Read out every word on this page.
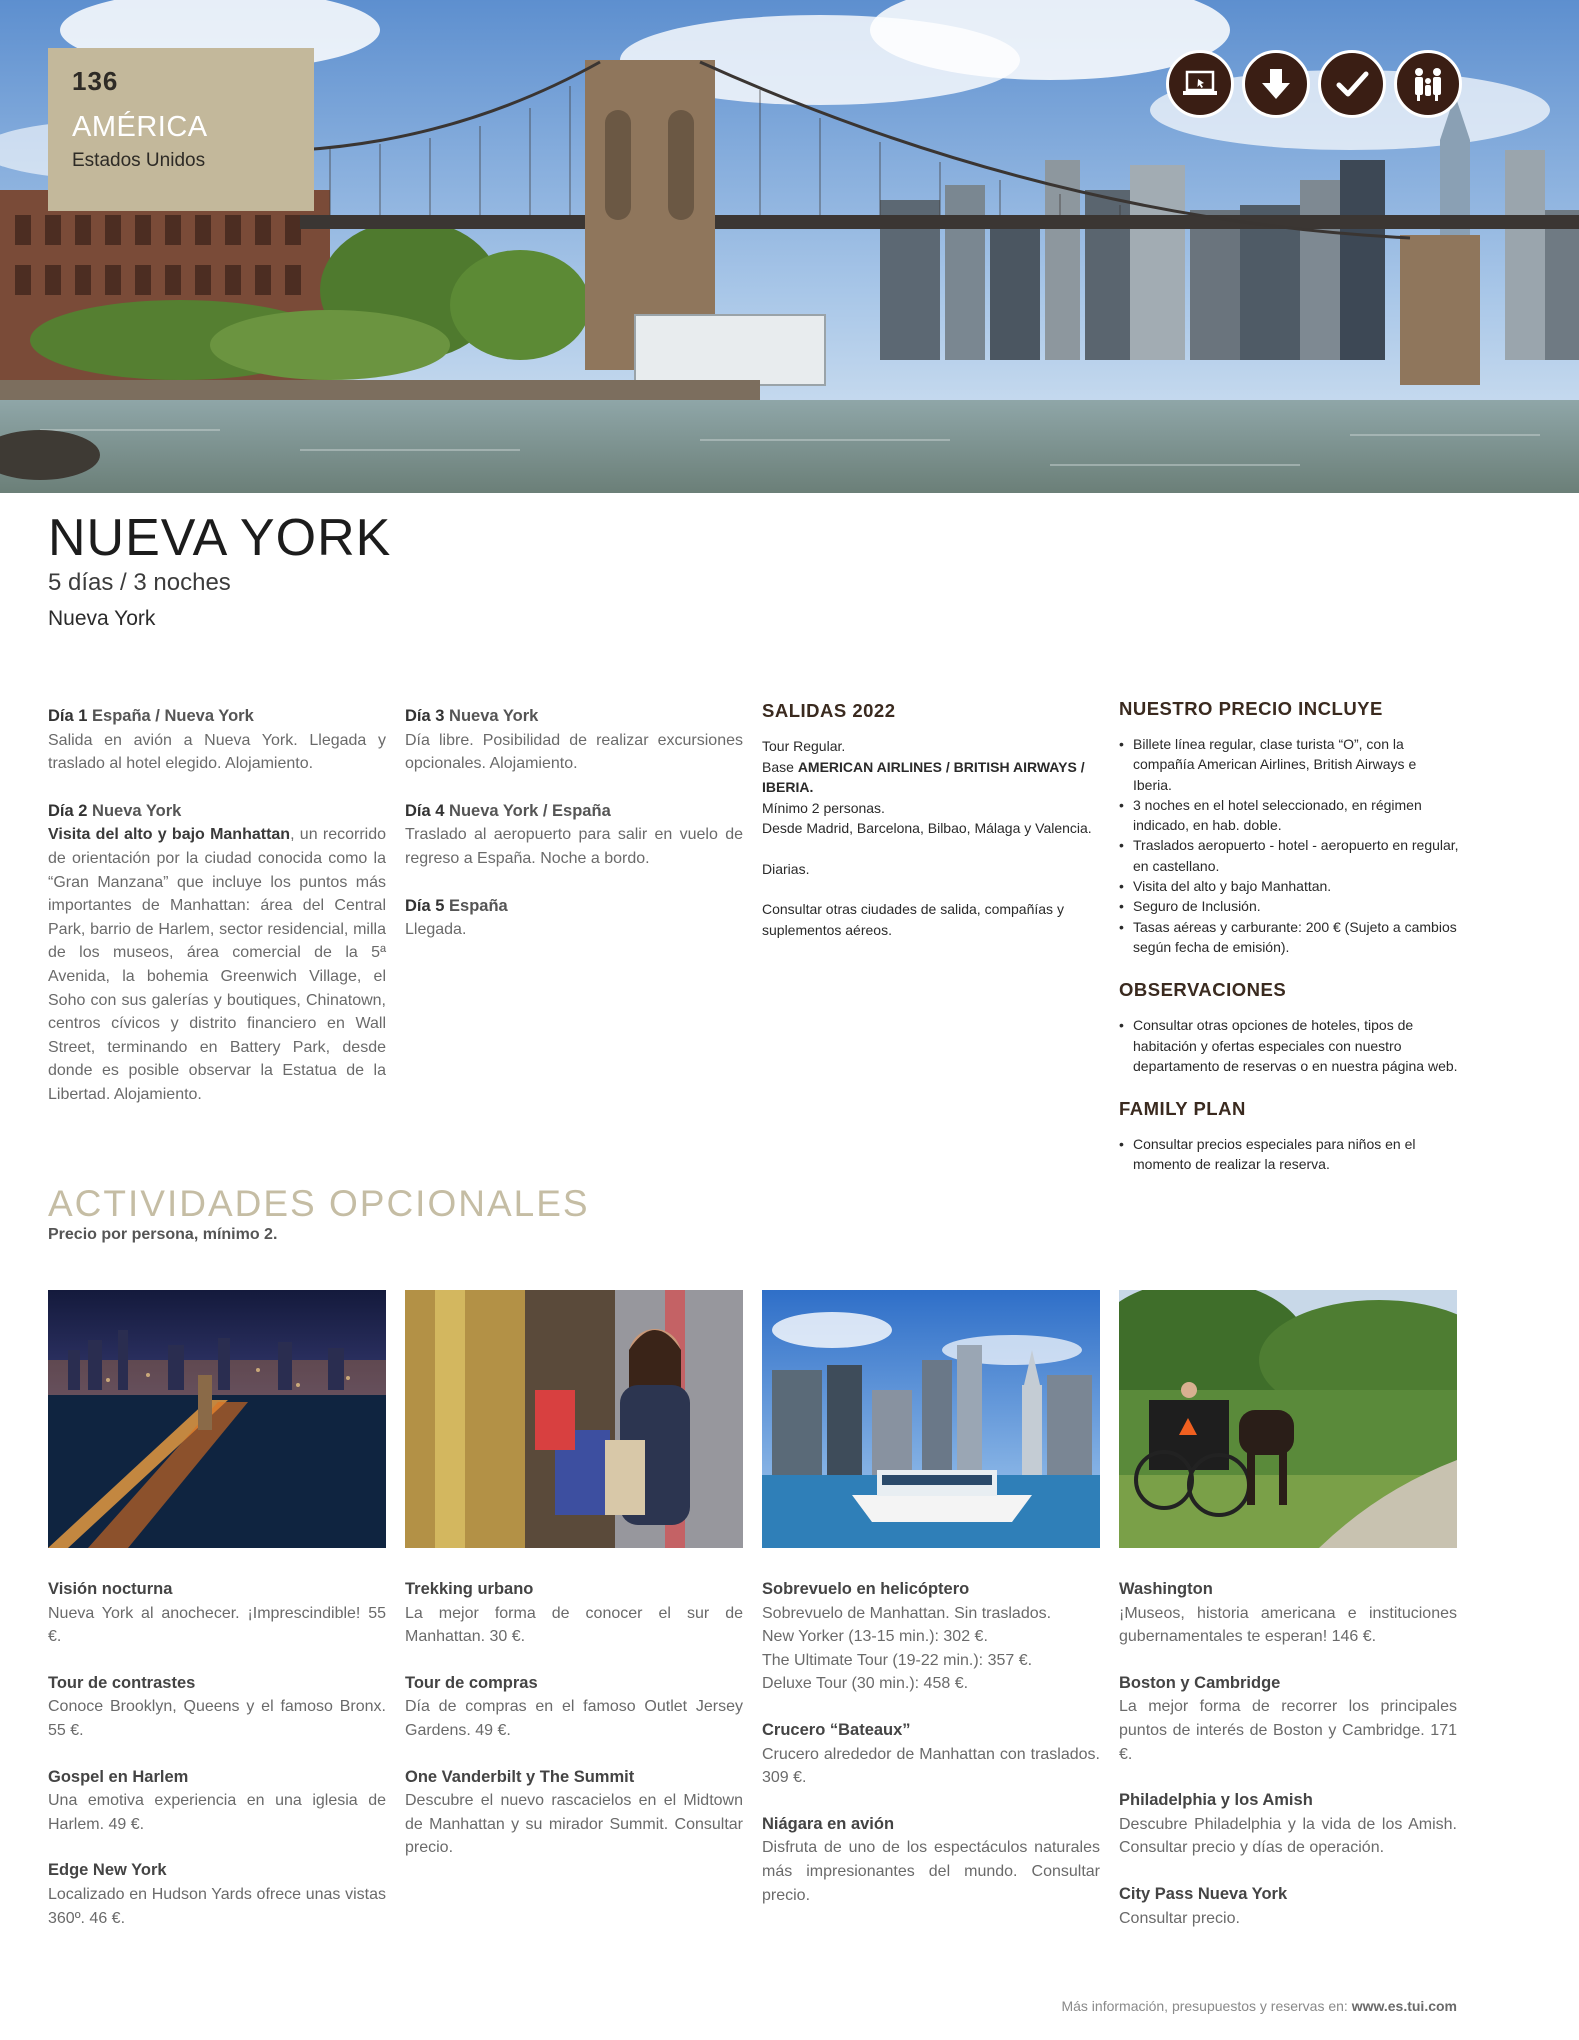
136
AMÉRICA
Estados Unidos
NUEVA YORK
5 días / 3 noches
Nueva York
Día 1 España / Nueva York
Salida en avión a Nueva York. Llegada y traslado al hotel elegido. Alojamiento.
Día 2 Nueva York
Visita del alto y bajo Manhattan, un recorrido de orientación por la ciudad conocida como la “Gran Manzana” que incluye los puntos más importantes de Manhattan: área del Central Park, barrio de Harlem, sector residencial, milla de los museos, área comercial de la 5ª Avenida, la bohemia Greenwich Village, el Soho con sus galerías y boutiques, Chinatown, centros cívicos y distrito financiero en Wall Street, terminando en Battery Park, desde donde es posible observar la Estatua de la Libertad. Alojamiento.
Día 3 Nueva York
Día libre. Posibilidad de realizar excursiones opcionales. Alojamiento.
Día 4 Nueva York / España
Traslado al aeropuerto para salir en vuelo de regreso a España. Noche a bordo.
Día 5 España
Llegada.
SALIDAS 2022
Tour Regular.
Base AMERICAN AIRLINES / BRITISH AIRWAYS / IBERIA.
Mínimo 2 personas.
Desde Madrid, Barcelona, Bilbao, Málaga y Valencia.
Diarias.
Consultar otras ciudades de salida, compañías y suplementos aéreos.
NUESTRO PRECIO INCLUYE
• Billete línea regular, clase turista “O”, con la compañía American Airlines, British Airways e Iberia.
• 3 noches en el hotel seleccionado, en régimen indicado, en hab. doble.
• Traslados aeropuerto - hotel - aeropuerto en regular, en castellano.
• Visita del alto y bajo Manhattan.
• Seguro de Inclusión.
• Tasas aéreas y carburante: 200 € (Sujeto a cambios según fecha de emisión).
OBSERVACIONES
• Consultar otras opciones de hoteles, tipos de habitación y ofertas especiales con nuestro departamento de reservas o en nuestra página web.
FAMILY PLAN
• Consultar precios especiales para niños en el momento de realizar la reserva.
ACTIVIDADES OPCIONALES
Precio por persona, mínimo 2.
Visión nocturna
Nueva York al anochecer. ¡Imprescindible! 55 €.
Tour de contrastes
Conoce Brooklyn, Queens y el famoso Bronx. 55 €.
Gospel en Harlem
Una emotiva experiencia en una iglesia de Harlem. 49 €.
Edge New York
Localizado en Hudson Yards ofrece unas vistas 360º. 46 €.
Trekking urbano
La mejor forma de conocer el sur de Manhattan. 30 €.
Tour de compras
Día de compras en el famoso Outlet Jersey Gardens. 49 €.
One Vanderbilt y The Summit
Descubre el nuevo rascacielos en el Midtown de Manhattan y su mirador Summit. Consultar precio.
Sobrevuelo en helicóptero
Sobrevuelo de Manhattan. Sin traslados.
New Yorker (13-15 min.): 302 €.
The Ultimate Tour (19-22 min.): 357 €.
Deluxe Tour (30 min.): 458 €.
Crucero “Bateaux”
Crucero alrededor de Manhattan con traslados. 309 €.
Niágara en avión
Disfruta de uno de los espectáculos naturales más impresionantes del mundo. Consultar precio.
Washington
¡Museos, historia americana e instituciones gubernamentales te esperan! 146 €.
Boston y Cambridge
La mejor forma de recorrer los principales puntos de interés de Boston y Cambridge. 171 €.
Philadelphia y los Amish
Descubre Philadelphia y la vida de los Amish. Consultar precio y días de operación.
City Pass Nueva York
Consultar precio.
Más información, presupuestos y reservas en: www.es.tui.com
